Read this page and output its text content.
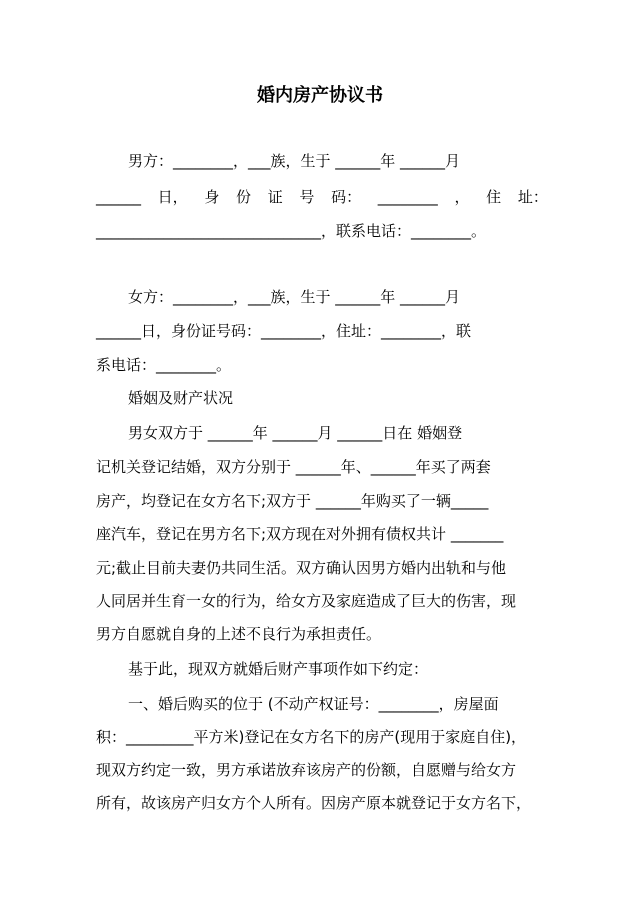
婚内房产协议书
男方：________，___族，生于 ______年 ______月
______ 日， 身 份 证 号 码： ________ ， 住 址：
______________________________，联系电话：________。
女方：________，___族，生于 ______年 ______月
______日，身份证号码：________，住址：________，联
系电话：________。
婚姻及财产状况
男女双方于 ______年 ______月 ______日在 婚姻登
记机关登记结婚，双方分别于 ______年、______年买了两套
房产，均登记在女方名下;双方于 ______年购买了一辆_____
座汽车，登记在男方名下;双方现在对外拥有债权共计 _______
元;截止目前夫妻仍共同生活。双方确认因男方婚内出轨和与他
人同居并生育一女的行为，给女方及家庭造成了巨大的伤害，现
男方自愿就自身的上述不良行为承担责任。
基于此，现双方就婚后财产事项作如下约定：
一、婚后购买的位于 (不动产权证号：________，房屋面
积：_________平方米)登记在女方名下的房产(现用于家庭自住)，
现双方约定一致，男方承诺放弃该房产的份额，自愿赠与给女方
所有，故该房产归女方个人所有。因房产原本就登记于女方名下，
